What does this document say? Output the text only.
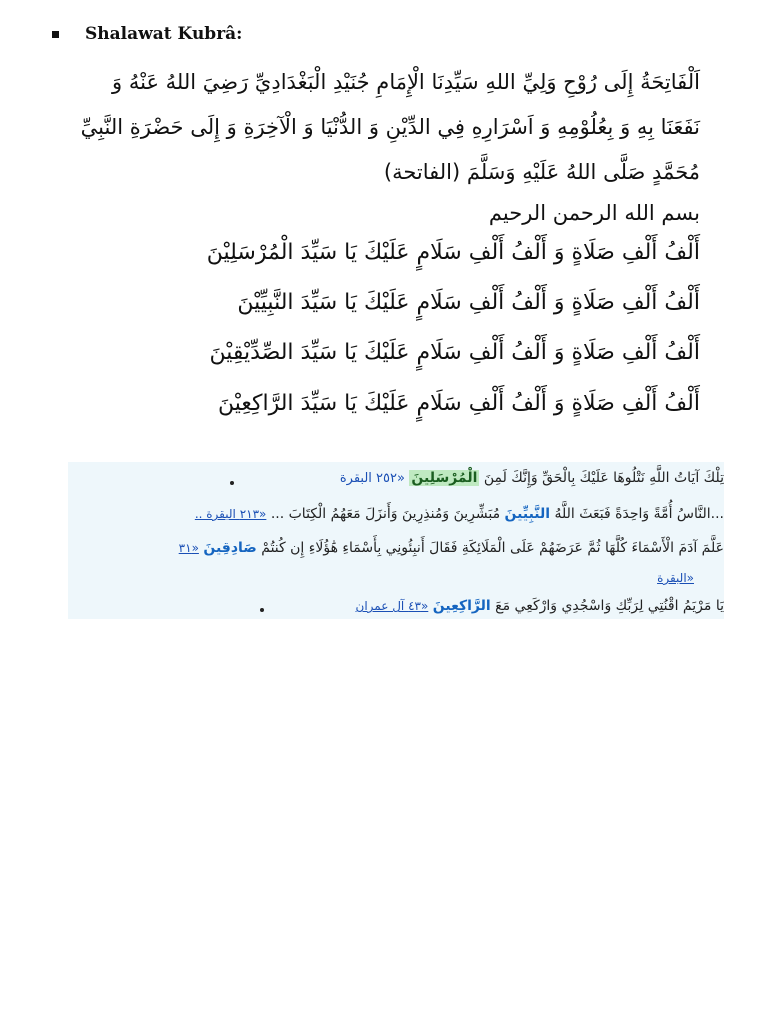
Shalawat Kubrâ:
اَلْفَاتِحَةُ إِلَى رُوْحِ وَلِيِّ اللهِ سَيِّدِنَا الْإِمَامِ جُنَيْدِ الْبَغْدَادِيِّ رَضِيَ اللهُ عَنْهُ وَ نَفَعَنَا بِهِ وَ بِعُلُوْمِهِ وَ اَسْرَارِهِ فِي الدِّيْنِ وَ الدُّنْيَا وَ الْآخِرَةِ وَ إِلَى حَضْرَةِ النَّبِيِّ مُحَمَّدٍ صَلَّى اللهُ عَلَيْهِ وَسَلَّمَ (الفاتحة)
بسم الله الرحمن الرحيم
أَلْفُ أَلْفِ صَلَاةٍ وَ أَلْفُ أَلْفِ سَلَامٍ عَلَيْكَ يَا سَيِّدَ الْمُرْسَلِيْنَ
أَلْفُ أَلْفِ صَلَاةٍ وَ أَلْفُ أَلْفِ سَلَامٍ عَلَيْكَ يَا سَيِّدَ النَّبِيِّيْنَ
أَلْفُ أَلْفِ صَلَاةٍ وَ أَلْفُ أَلْفِ سَلَامٍ عَلَيْكَ يَا سَيِّدَ الصِّدِّيْقِيْنَ
أَلْفُ أَلْفِ صَلَاةٍ وَ أَلْفُ أَلْفِ سَلَامٍ عَلَيْكَ يَا سَيِّدَ الرَّاكِعِيْنَ
تِلْكَ آيَاتُ اللَّهِ نَتْلُوهَا عَلَيْكَ بِالْحَقِّ وَإِنَّكَ لَمِنَ الْمُرْسَلِينَ «٢٥٢ البقرة
...النَّاسُ أُمَّةً وَاحِدَةً فَبَعَثَ اللَّهُ النَّبِيِّينَ مُبَشِّرِينَ وَمُنذِرِينَ وَأَنزَلَ مَعَهُمُ الْكِتَابَ ... «٢١٣ البقرة ..
عَلَّمَ آدَمَ الْأَسْمَاءَ كُلَّهَا ثُمَّ عَرَضَهُمْ عَلَى الْمَلَائِكَةِ فَقَالَ أَنبِئُونِي بِأَسْمَاءِ هَٰؤُلَاءِ إِن كُنتُمْ صَادِقِينَ «٣١
«البقرة
يَا مَرْيَمُ اقْنُتِي لِرَبِّكِ وَاسْجُدِي وَارْكَعِي مَعَ الرَّاكِعِينَ «٤٣ آل عمران
